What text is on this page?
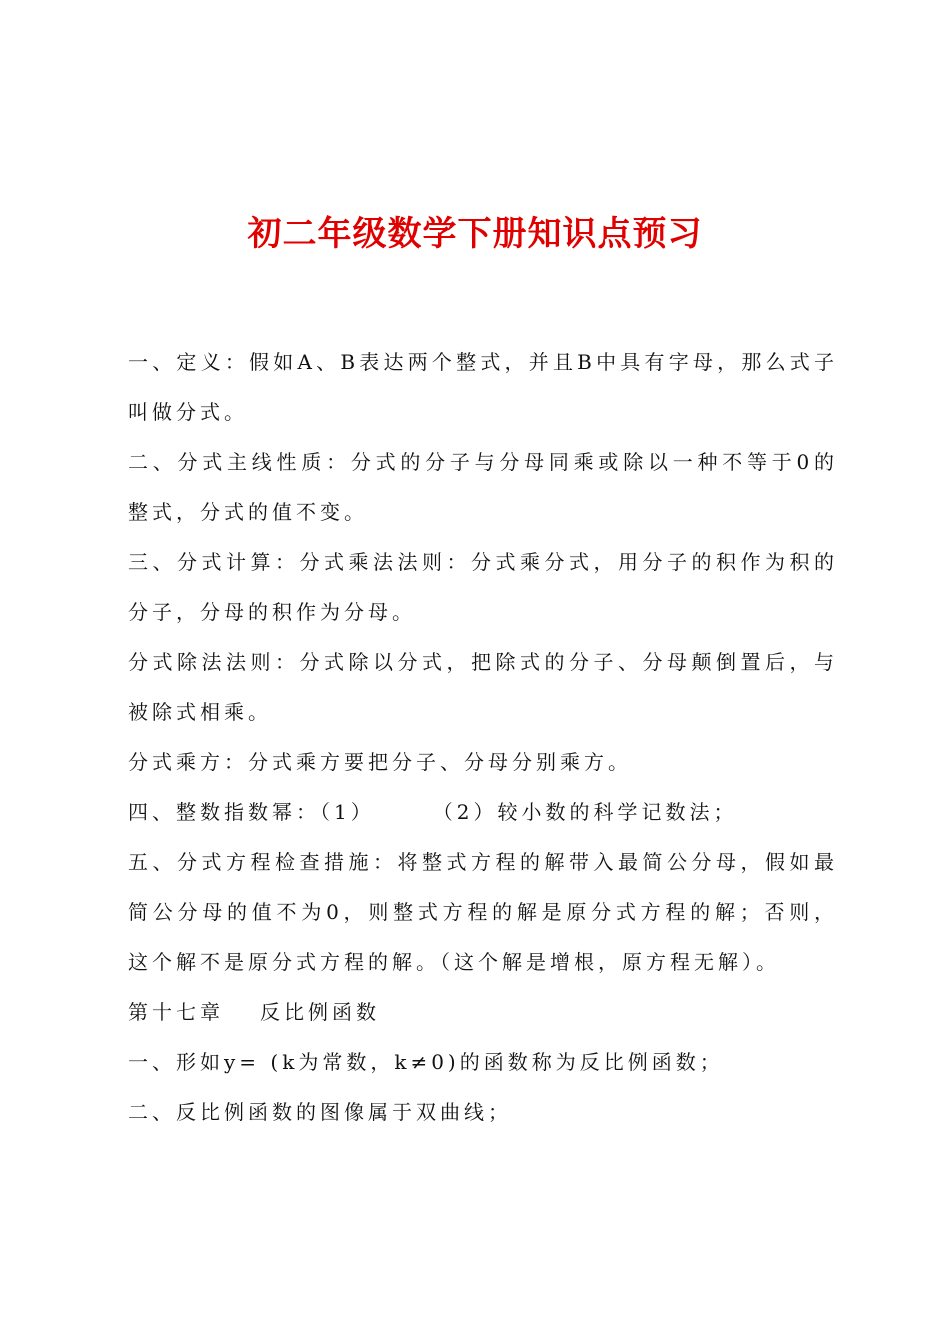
初二年级数学下册知识点预习

一、定义：假如A、B表达两个整式，并且B中具有字母，那么式子 叫做分式。

二、分式主线性质：分式的分子与分母同乘或除以一种不等于0的整式，分式的值不变。

三、分式计算：分式乘法法则：分式乘分式，用分子的积作为积的分子，分母的积作为分母。

分式除法法则：分式除以分式，把除式的分子、分母颠倒置后，与被除式相乘。

分式乘方：分式乘方要把分子、分母分别乘方。

四、整数指数幂：（1）	（2）较小数的科学记数法；

五、分式方程检查措施：将整式方程的解带入最简公分母，假如最简公分母的值不为0，则整式方程的解是原分式方程的解；否则，这个解不是原分式方程的解。（这个解是增根，原方程无解）。

第十七章 反比例函数

一、形如y= (k为常数，k≠0)的函数称为反比例函数；

二、反比例函数的图像属于双曲线；
